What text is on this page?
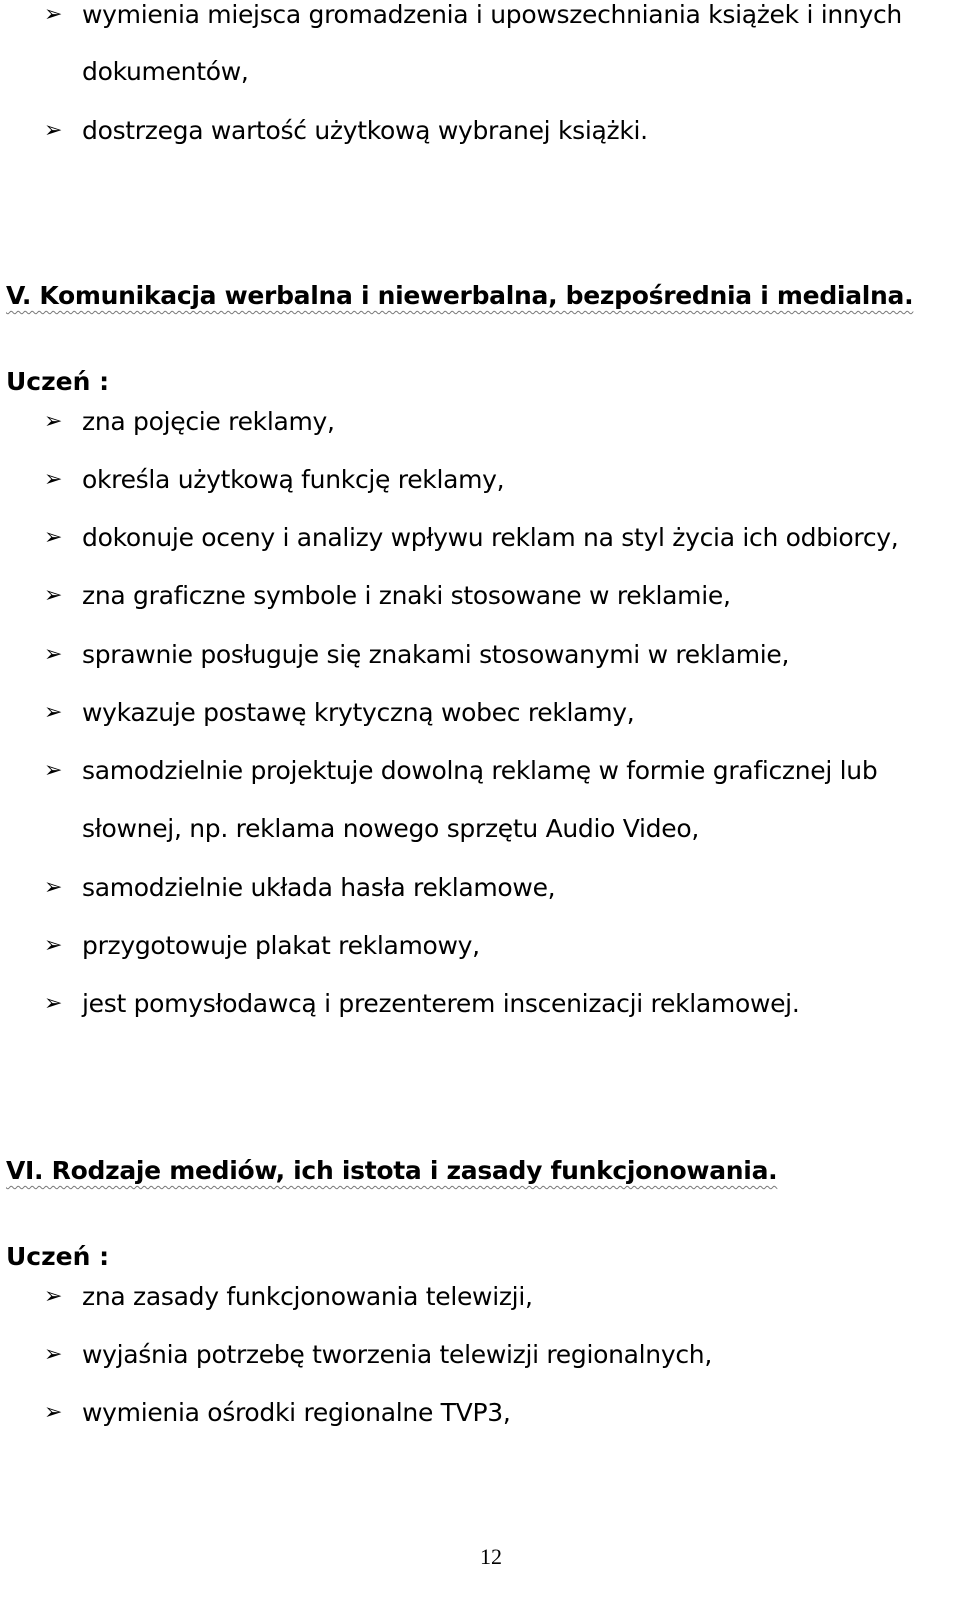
➢ wymienia miejsca gromadzenia i upowszechniania książek i innych
dokumentów,
➢ dostrzega wartość użytkową wybranej książki.
V. Komunikacja werbalna i niewerbalna, bezpośrednia i medialna.
Uczeń :
➢ zna pojęcie reklamy,
➢ określa użytkową funkcję reklamy,
➢ dokonuje oceny i analizy wpływu reklam na styl życia ich odbiorcy,
➢ zna graficzne symbole i znaki stosowane w reklamie,
➢ sprawnie posługuje się znakami stosowanymi w reklamie,
➢ wykazuje postawę krytyczną wobec reklamy,
➢ samodzielnie projektuje dowolną reklamę w formie graficznej lub
słownej, np. reklama nowego sprzętu Audio Video,
➢ samodzielnie układa hasła reklamowe,
➢ przygotowuje plakat reklamowy,
➢ jest pomysłodawcą i prezenterem inscenizacji reklamowej.
VI. Rodzaje mediów, ich istota i zasady funkcjonowania.
Uczeń :
➢ zna zasady funkcjonowania telewizji,
➢ wyjaśnia potrzebę tworzenia telewizji regionalnych,
➢ wymienia ośrodki regionalne TVP3,
12
